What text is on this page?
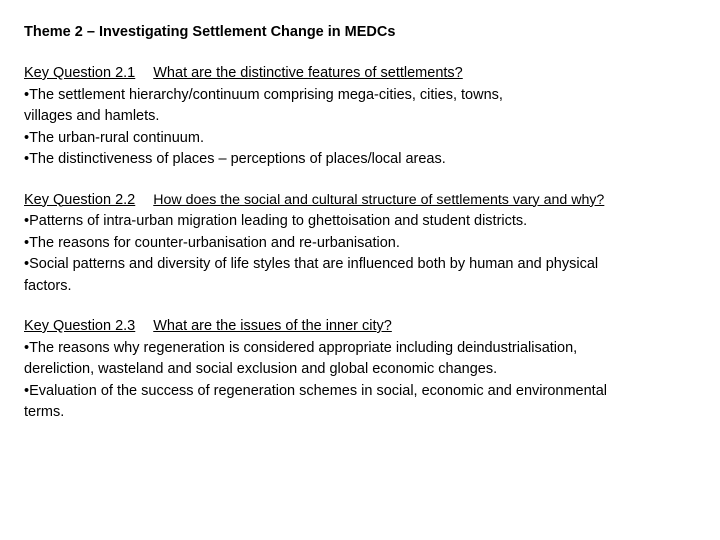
Theme 2 – Investigating Settlement Change in MEDCs
Key Question 2.1 What are the distinctive features of settlements?
•The settlement hierarchy/continuum comprising mega-cities, cities, towns,
villages and hamlets.
•The urban-rural continuum.
•The distinctiveness of places – perceptions of places/local areas.
Key Question 2.2 How does the social and cultural structure of settlements vary and why?
•Patterns of intra-urban migration leading to ghettoisation and student districts.
•The reasons for counter-urbanisation and re-urbanisation.
•Social patterns and diversity of life styles that are influenced both by human and physical
factors.
Key Question 2.3 What are the issues of the inner city?
•The reasons why regeneration is considered appropriate including deindustrialisation,
dereliction, wasteland and social exclusion and global economic changes.
•Evaluation of the success of regeneration schemes in social, economic and environmental
terms.
